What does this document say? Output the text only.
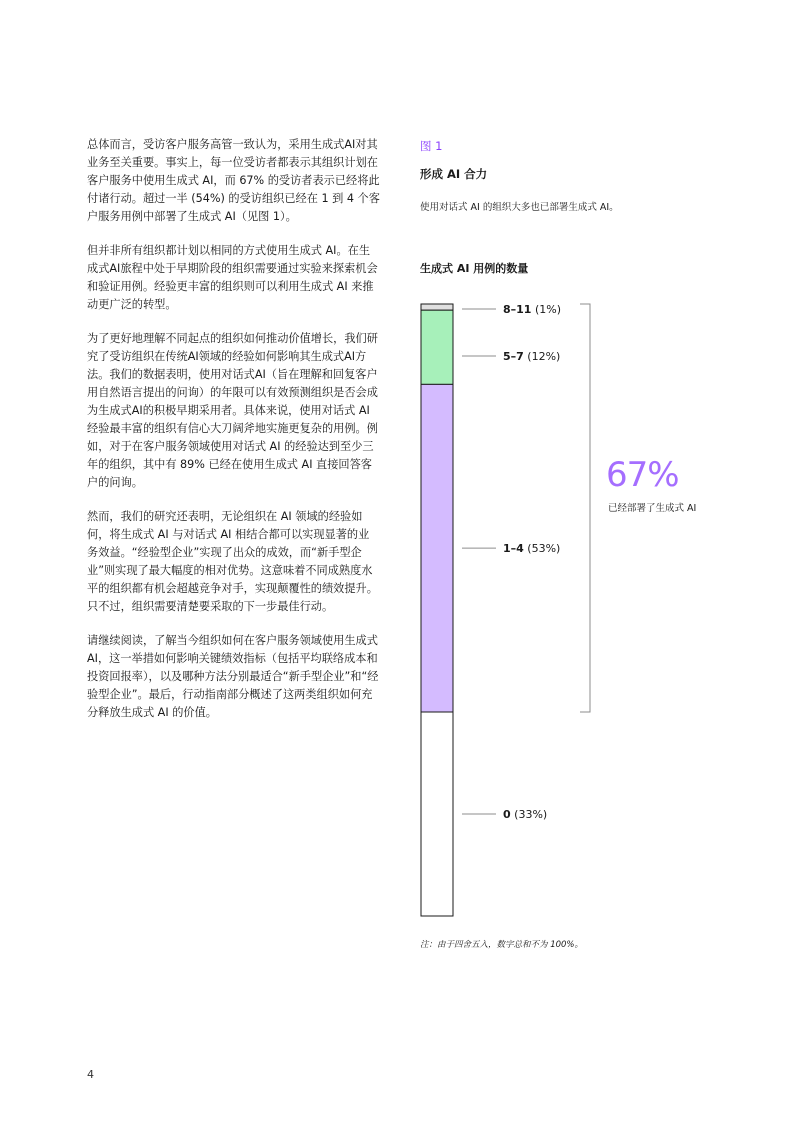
总体而言，受访客户服务高管一致认为，采用生成式AI对其业务至关重要。事实上，每一位受访者都表示其组织计划在客户服务中使用生成式 AI，而 67% 的受访者表示已经将此付诸行动。超过一半 (54%) 的受访组织已经在 1 到 4 个客户服务用例中部署了生成式 AI（见图 1）。

但并非所有组织都计划以相同的方式使用生成式 AI。在生成式AI旅程中处于早期阶段的组织需要通过实验来探索机会和验证用例。经验更丰富的组织则可以利用生成式 AI 来推动更广泛的转型。

为了更好地理解不同起点的组织如何推动价值增长，我们研究了受访组织在传统AI领域的经验如何影响其生成式AI方法。我们的数据表明，使用对话式AI（旨在理解和回复客户用自然语言提出的问询）的年限可以有效预测组织是否会成为生成式AI的积极早期采用者。具体来说，使用对话式 AI 经验最丰富的组织有信心大刀阔斧地实施更复杂的用例。例如，对于在客户服务领域使用对话式 AI 的经验达到至少三年的组织，其中有 89% 已经在使用生成式 AI 直接回答客户的问询。

然而，我们的研究还表明，无论组织在 AI 领域的经验如何，将生成式 AI 与对话式 AI 相结合都可以实现显著的业务效益。“经验型企业”实现了出众的成效，而“新手型企业”则实现了最大幅度的相对优势。这意味着不同成熟度水平的组织都有机会超越竞争对手，实现颠覆性的绩效提升。只不过，组织需要清楚要采取的下一步最佳行动。

请继续阅读，了解当今组织如何在客户服务领域使用生成式AI，这一举措如何影响关键绩效指标（包括平均联络成本和投资回报率），以及哪种方法分别最适合“新手型企业”和“经验型企业”。最后，行动指南部分概述了这两类组织如何充分释放生成式 AI 的价值。

图 1
形成 AI 合力
使用对话式 AI 的组织大多也已部署生成式 AI。
生成式 AI 用例的数量
8–11 (1%)
5–7 (12%)
1–4 (53%)
0 (33%)
67%
已经部署了生成式 AI
注：由于四舍五入，数字总和不为 100%。
4
